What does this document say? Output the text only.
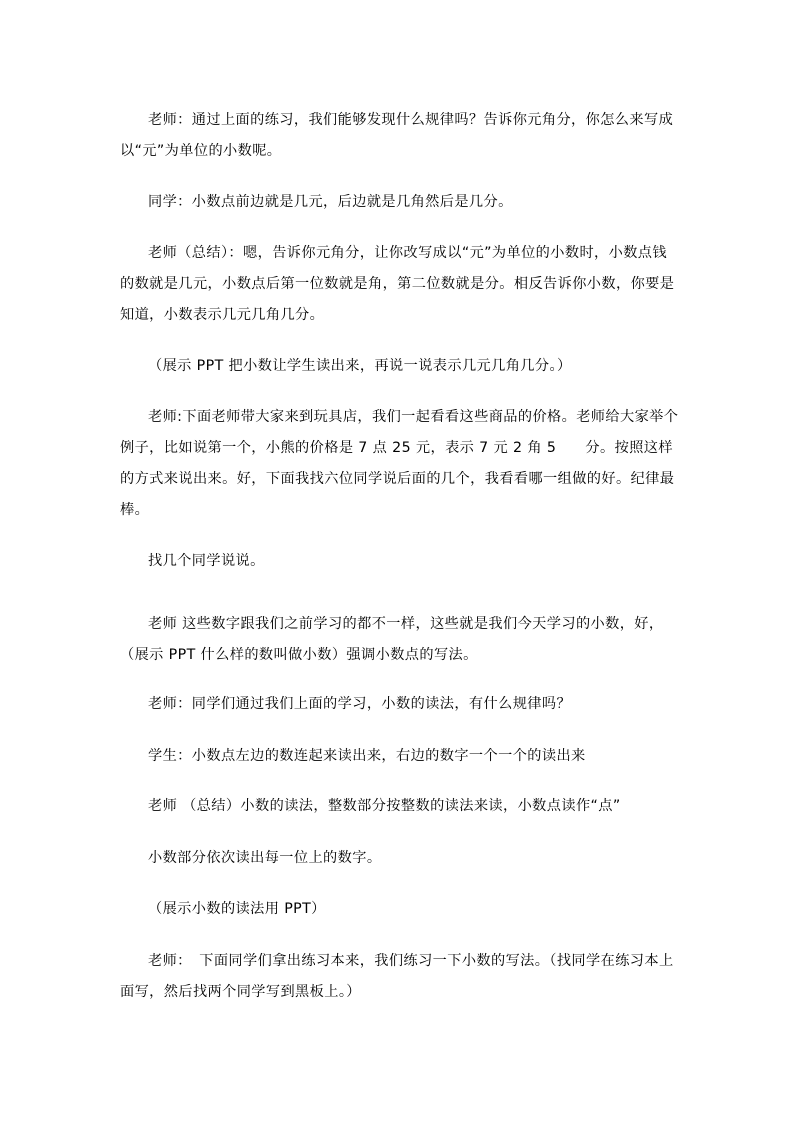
老师：通过上面的练习，我们能够发现什么规律吗？告诉你元角分，你怎么来写成以“元”为单位的小数呢。

同学：小数点前边就是几元，后边就是几角然后是几分。

老师（总结）：嗯，告诉你元角分，让你改写成以“元”为单位的小数时，小数点钱的数就是几元，小数点后第一位数就是角，第二位数就是分。相反告诉你小数，你要是知道，小数表示几元几角几分。

（展示 PPT 把小数让学生读出来，再说一说表示几元几角几分。）

老师:下面老师带大家来到玩具店，我们一起看看这些商品的价格。老师给大家举个例子，比如说第一个，小熊的价格是 7 点 25 元，表示 7 元 2 角 5　　分。按照这样的方式来说出来。好，下面我找六位同学说后面的几个，我看看哪一组做的好。纪律最棒。

找几个同学说说。

老师 这些数字跟我们之前学习的都不一样，这些就是我们今天学习的小数，好，（展示 PPT 什么样的数叫做小数）强调小数点的写法。

老师：同学们通过我们上面的学习，小数的读法，有什么规律吗？

学生：小数点左边的数连起来读出来，右边的数字一个一个的读出来

老师 （总结）小数的读法，整数部分按整数的读法来读，小数点读作“点”

小数部分依次读出每一位上的数字。

（展示小数的读法用 PPT）

老师：　下面同学们拿出练习本来，我们练习一下小数的写法。（找同学在练习本上面写，然后找两个同学写到黑板上。）
